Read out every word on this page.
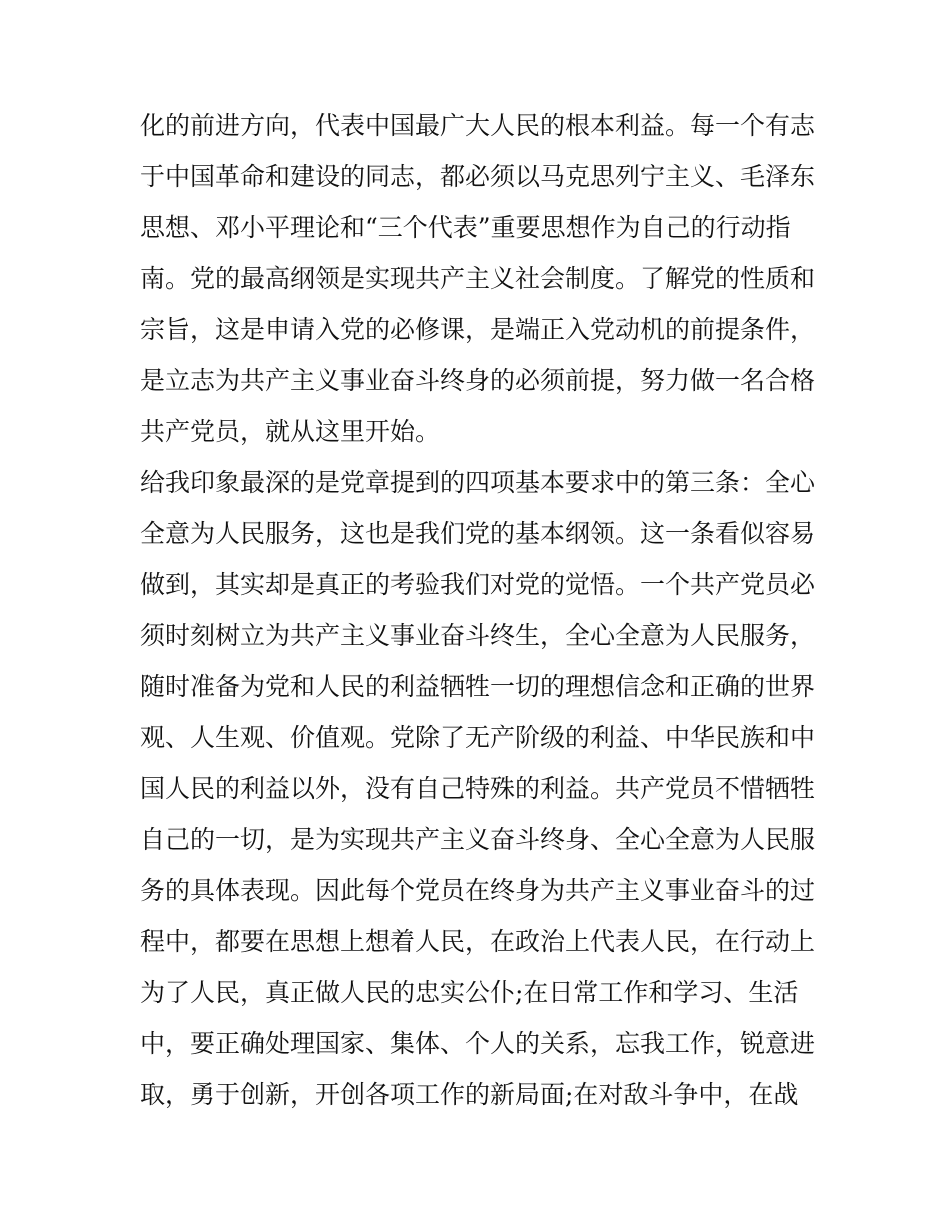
化的前进方向，代表中国最广大人民的根本利益。每一个有志
于中国革命和建设的同志，都必须以马克思列宁主义、毛泽东
思想、邓小平理论和“三个代表”重要思想作为自己的行动指
南。党的最高纲领是实现共产主义社会制度。了解党的性质和
宗旨，这是申请入党的必修课，是端正入党动机的前提条件，
是立志为共产主义事业奋斗终身的必须前提，努力做一名合格
共产党员，就从这里开始。
给我印象最深的是党章提到的四项基本要求中的第三条：全心
全意为人民服务，这也是我们党的基本纲领。这一条看似容易
做到，其实却是真正的考验我们对党的觉悟。一个共产党员必
须时刻树立为共产主义事业奋斗终生，全心全意为人民服务，
随时准备为党和人民的利益牺牲一切的理想信念和正确的世界
观、人生观、价值观。党除了无产阶级的利益、中华民族和中
国人民的利益以外，没有自己特殊的利益。共产党员不惜牺牲
自己的一切，是为实现共产主义奋斗终身、全心全意为人民服
务的具体表现。因此每个党员在终身为共产主义事业奋斗的过
程中，都要在思想上想着人民，在政治上代表人民，在行动上
为了人民，真正做人民的忠实公仆;在日常工作和学习、生活
中，要正确处理国家、集体、个人的关系，忘我工作，锐意进
取，勇于创新，开创各项工作的新局面;在对敌斗争中，在战
